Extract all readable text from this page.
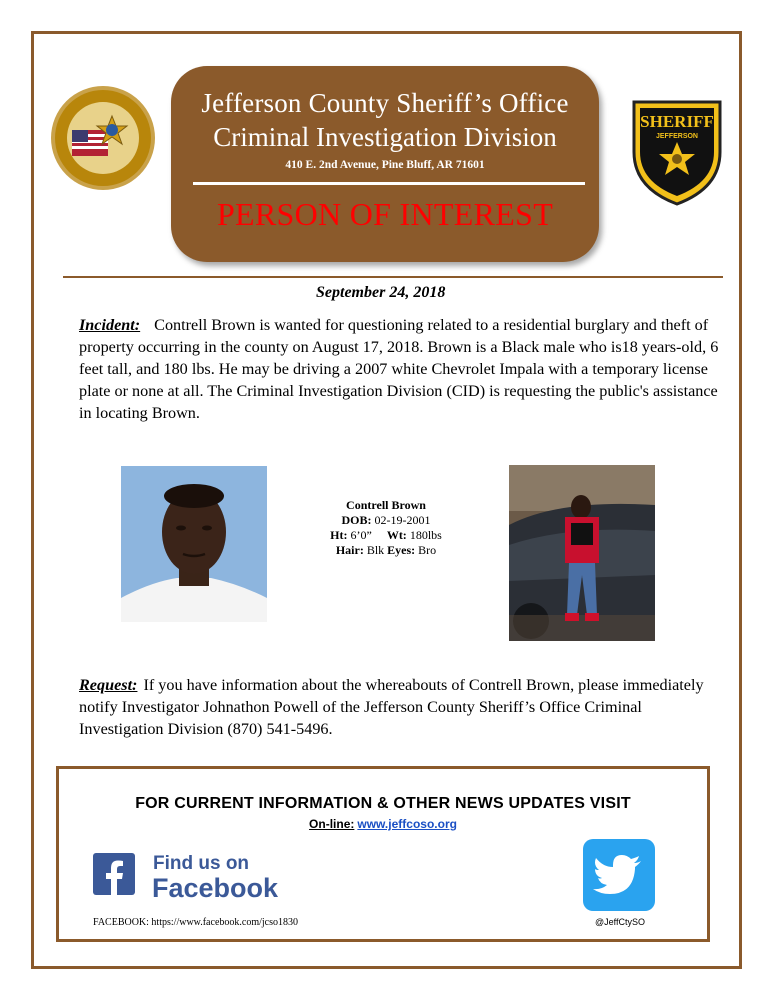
Jefferson County Sheriff’s Office
Criminal Investigation Division
410 E. 2nd Avenue, Pine Bluff, AR 71601
PERSON OF INTEREST
SHERIFF
JEFFERSON
September 24, 2018
Incident: Contrell Brown is wanted for questioning related to a residential burglary and theft of property occurring in the county on August 17, 2018. Brown is a Black male who is18 years-old, 6 feet tall, and 180 lbs. He may be driving a 2007 white Chevrolet Impala with a temporary license plate or none at all. The Criminal Investigation Division (CID) is requesting the public's assistance in locating Brown.
Contrell Brown
DOB: 02-19-2001
Ht: 6’0” Wt: 180lbs
Hair: Blk Eyes: Bro
Request: If you have information about the whereabouts of Contrell Brown, please immediately notify Investigator Johnathon Powell of the Jefferson County Sheriff’s Office Criminal Investigation Division (870) 541-5496.
FOR CURRENT INFORMATION & OTHER NEWS UPDATES VISIT
On-line: www.jeffcoso.org
Find us on
Facebook
FACEBOOK: https://www.facebook.com/jcso1830	@JeffCtySO
